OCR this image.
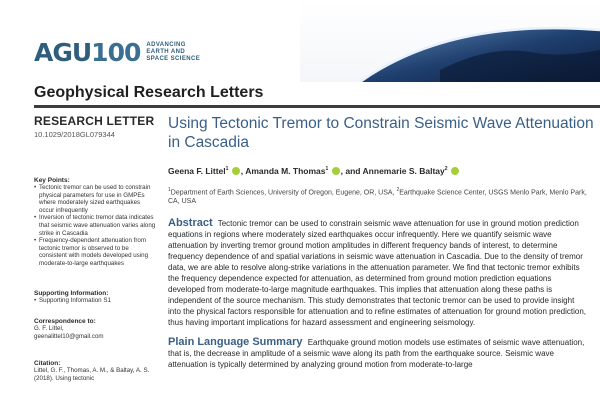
AGU100 ADVANCING
EARTH AND
SPACE SCIENCE
Geophysical Research Letters
RESEARCH LETTER
10.1029/2018GL079344
Key Points:
• Tectonic tremor can be used to constrain physical parameters for use in GMPEs where moderately sized earthquakes occur infrequently
• Inversion of tectonic tremor data indicates that seismic wave attenuation varies along strike in Cascadia
• Frequency-dependent attenuation from tectonic tremor is observed to be consistent with models developed using moderate-to-large earthquakes
Supporting Information:
• Supporting Information S1
Correspondence to:
G. F. Littel,
geenalittel10@gmail.com
Citation:
Littel, G. F., Thomas, A. M., & Baltay, A. S. (2018). Using tectonic
Using Tectonic Tremor to Constrain Seismic Wave Attenuation in Cascadia
Geena F. Littel$^1$ , Amanda M. Thomas$^1$ , and Annemarie S. Baltay$^2$
$^1$Department of Earth Sciences, University of Oregon, Eugene, OR, USA, $^2$Earthquake Science Center, USGS Menlo Park, Menlo Park, CA, USA
Abstract Tectonic tremor can be used to constrain seismic wave attenuation for use in ground motion prediction equations in regions where moderately sized earthquakes occur infrequently. Here we quantify seismic wave attenuation by inverting tremor ground motion amplitudes in different frequency bands of interest, to determine frequency dependence of and spatial variations in seismic wave attenuation in Cascadia. Due to the density of tremor data, we are able to resolve along-strike variations in the attenuation parameter. We find that tectonic tremor exhibits the frequency dependence expected for attenuation, as determined from ground motion prediction equations developed from moderate-to-large magnitude earthquakes. This implies that attenuation along these paths is independent of the source mechanism. This study demonstrates that tectonic tremor can be used to provide insight into the physical factors responsible for attenuation and to refine estimates of attenuation for ground motion prediction, thus having important implications for hazard assessment and engineering seismology.
Plain Language Summary Earthquake ground motion models use estimates of seismic wave attenuation, that is, the decrease in amplitude of a seismic wave along its path from the earthquake source. Seismic wave attenuation is typically determined by analyzing ground motion from moderate-to-large
